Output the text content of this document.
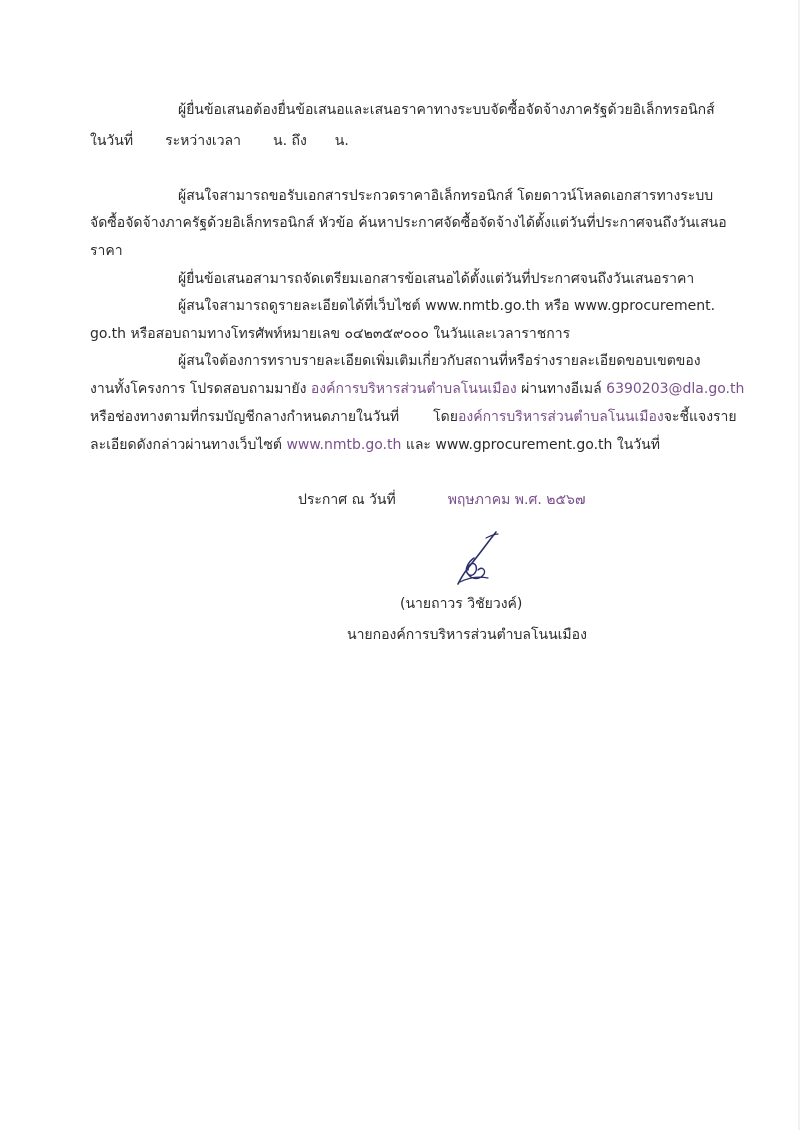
ผู้ยื่นข้อเสนอต้องยื่นข้อเสนอและเสนอราคาทางระบบจัดซื้อจัดจ้างภาครัฐด้วยอิเล็กทรอนิกส์
ในวันที่ ระหว่างเวลา น. ถึง น.
ผู้สนใจสามารถขอรับเอกสารประกวดราคาอิเล็กทรอนิกส์ โดยดาวน์โหลดเอกสารทางระบบ
จัดซื้อจัดจ้างภาครัฐด้วยอิเล็กทรอนิกส์ หัวข้อ ค้นหาประกาศจัดซื้อจัดจ้างได้ตั้งแต่วันที่ประกาศจนถึงวันเสนอ
ราคา
ผู้ยื่นข้อเสนอสามารถจัดเตรียมเอกสารข้อเสนอได้ตั้งแต่วันที่ประกาศจนถึงวันเสนอราคา
ผู้สนใจสามารถดูรายละเอียดได้ที่เว็บไซต์ www.nmtb.go.th หรือ www.gprocurement.
go.th หรือสอบถามทางโทรศัพท์หมายเลข ๐๔๒๓๕๙๐๐๐ ในวันและเวลาราชการ
ผู้สนใจต้องการทราบรายละเอียดเพิ่มเติมเกี่ยวกับสถานที่หรือร่างรายละเอียดขอบเขตของ
งานทั้งโครงการ โปรดสอบถามมายัง องค์การบริหารส่วนตำบลโนนเมือง ผ่านทางอีเมล์ 6390203@dla.go.th
หรือช่องทางตามที่กรมบัญชีกลางกำหนดภายในวันที่ โดยองค์การบริหารส่วนตำบลโนนเมืองจะชี้แจงราย
ละเอียดดังกล่าวผ่านทางเว็บไซต์ www.nmtb.go.th และ www.gprocurement.go.th ในวันที่
ประกาศ ณ วันที่	พฤษภาคม พ.ศ. ๒๕๖๗
(นายถาวร วิชัยวงค์)
นายกองค์การบริหารส่วนตำบลโนนเมือง
